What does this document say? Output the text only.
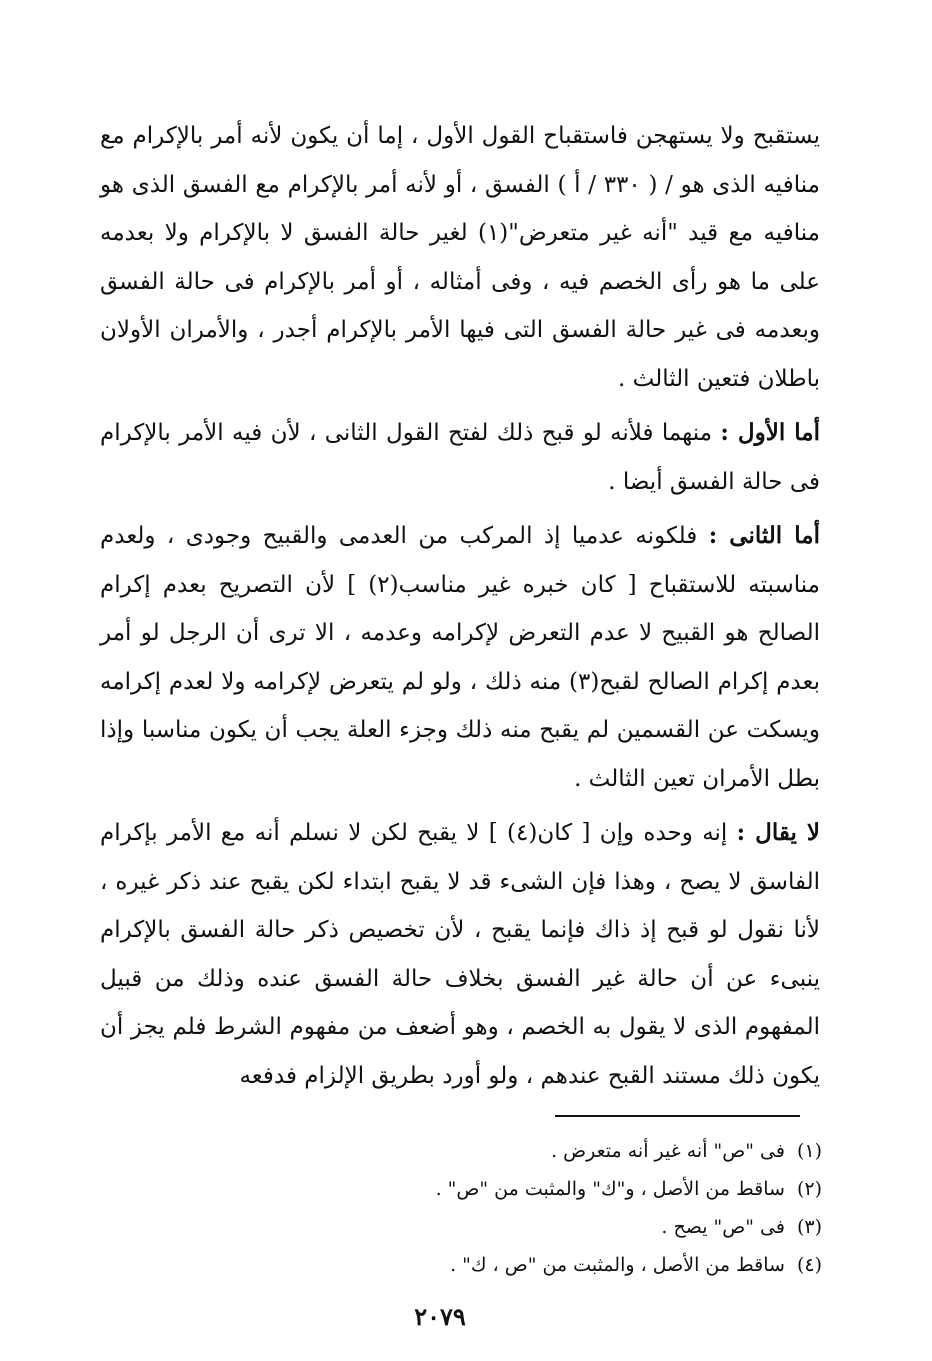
يستقبح ولا يستهجن فاستقباح القول الأول ، إما أن يكون لأنه أمر بالإكرام مع منافيه الذى هو / ( ٣٣٠ / أ ) الفسق ، أو لأنه أمر بالإكرام مع الفسق الذى هو منافيه مع قيد "أنه غير متعرض"(١) لغير حالة الفسق لا بالإكرام ولا بعدمه على ما هو رأى الخصم فيه ، وفى أمثاله ، أو أمر بالإكرام فى حالة الفسق وبعدمه فى غير حالة الفسق التى فيها الأمر بالإكرام أجدر ، والأمران الأولان باطلان فتعين الثالث .

أما الأول : منهما فلأنه لو قبح ذلك لفتح القول الثانى ، لأن فيه الأمر بالإكرام فى حالة الفسق أيضا .

أما الثانى : فلكونه عدميا إذ المركب من العدمى والقبيح وجودى ، ولعدم مناسبته للاستقباح [ كان خبره غير مناسب(٢) ] لأن التصريح بعدم إكرام الصالح هو القبيح لا عدم التعرض لإكرامه وعدمه ، الا ترى أن الرجل لو أمر بعدم إكرام الصالح لقبح(٣) منه ذلك ، ولو لم يتعرض لإكرامه ولا لعدم إكرامه ويسكت عن القسمين لم يقبح منه ذلك وجزء العلة يجب أن يكون مناسبا وإذا بطل الأمران تعين الثالث .

لا يقال : إنه وحده وإن [ كان(٤) ] لا يقبح لكن لا نسلم أنه مع الأمر بإكرام الفاسق لا يصح ، وهذا فإن الشىء قد لا يقبح ابتداء لكن يقبح عند ذكر غيره ، لأنا نقول لو قبح إذ ذاك فإنما يقبح ، لأن تخصيص ذكر حالة الفسق بالإكرام ينبىء عن أن حالة غير الفسق بخلاف حالة الفسق عنده وذلك من قبيل المفهوم الذى لا يقول به الخصم ، وهو أضعف من مفهوم الشرط فلم يجز أن يكون ذلك مستند القبح عندهم ، ولو أورد بطريق الإلزام فدفعه

(١)فى "ص" أنه غير أنه متعرض .
(٢)ساقط من الأصل ، و"ك" والمثبت من "ص" .
(٣)فى "ص" يصح .
(٤)ساقط من الأصل ، والمثبت من "ص ، ك" .
٢٠٧٩
